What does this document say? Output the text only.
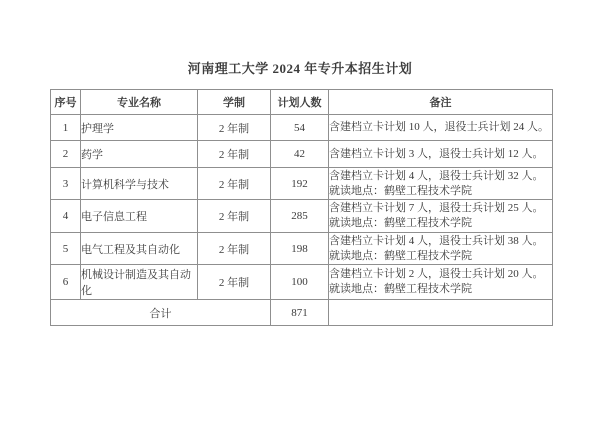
河南理工大学 2024 年专升本招生计划
序号	专业名称	学制	计划人数	备注
1	护理学	2 年制	54	含建档立卡计划 10 人，退役士兵计划 24 人。
2	药学	2 年制	42	含建档立卡计划 3 人，退役士兵计划 12 人。
3	计算机科学与技术	2 年制	192	含建档立卡计划 4 人，退役士兵计划 32 人。就读地点：鹤壁工程技术学院
4	电子信息工程	2 年制	285	含建档立卡计划 7 人，退役士兵计划 25 人。就读地点：鹤壁工程技术学院
5	电气工程及其自动化	2 年制	198	含建档立卡计划 4 人，退役士兵计划 38 人。就读地点：鹤壁工程技术学院
6	机械设计制造及其自动化	2 年制	100	含建档立卡计划 2 人，退役士兵计划 20 人。就读地点：鹤壁工程技术学院
合计			871	
